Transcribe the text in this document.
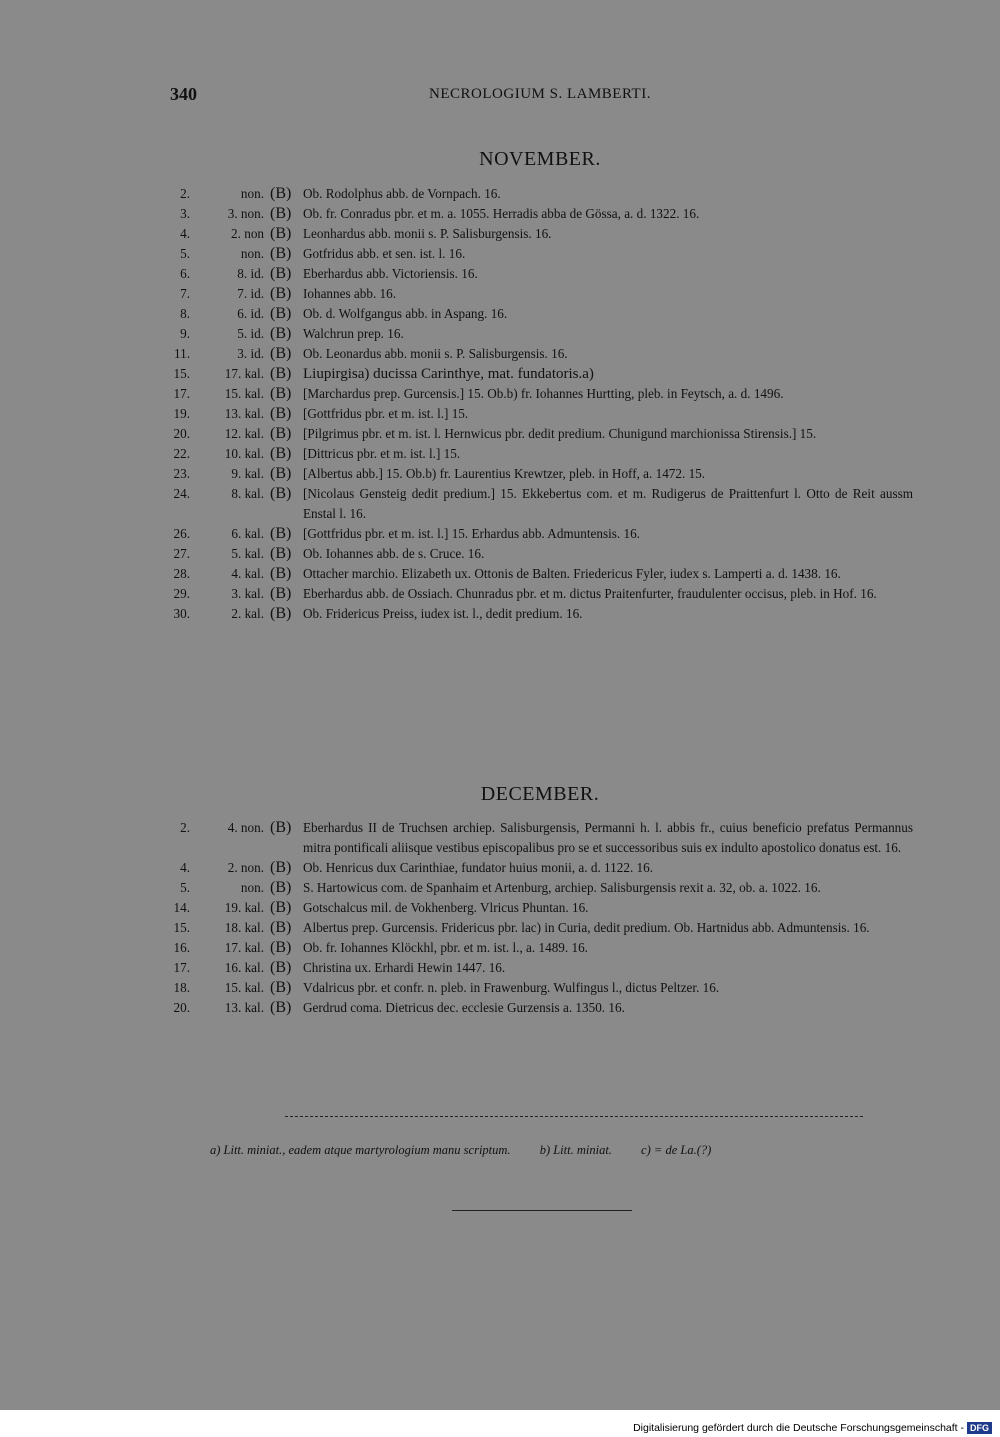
340	NECROLOGIUM S. LAMBERTI.
NOVEMBER.
2.	non. (B) Ob. Rodolphus abb. de Vornpach. 16.
3.	3. non. (B) Ob. fr. Conradus pbr. et m. a. 1055. Herradis abba de Gössa, a. d. 1322. 16.
4.	2. non (B) Leonhardus abb. monii s. P. Salisburgensis. 16.
5.	non. (B) Gotfridus abb. et sen. ist. l. 16.
6.	8. id. (B) Eberhardus abb. Victoriensis. 16.
7.	7. id. (B) Iohannes abb. 16.
8.	6. id. (B) Ob. d. Wolfgangus abb. in Aspang. 16.
9.	5. id. (B) Walchrun prep. 16.
11.	3. id. (B) Ob. Leonardus abb. monii s. P. Salisburgensis. 16.
15.	17. kal. (B) Liupirgisa) ducissa Carinthye, mat. fundatoris.a)
17.	15. kal. (B) [Marchardus prep. Gurcensis.] 15. Ob.b) fr. Iohannes Hurtting, pleb. in Feytsch, a. d. 1496.
19.	13. kal. (B) [Gottfridus pbr. et m. ist. l.] 15.
20.	12. kal. (B) [Pilgrimus pbr. et m. ist. l. Hernwicus pbr. dedit predium. Chunigund marchionissa Stirensis.] 15.
22.	10. kal. (B) [Dittricus pbr. et m. ist. l.] 15.
23.	9. kal. (B) [Albertus abb.] 15. Ob.b) fr. Laurentius Krewtzer, pleb. in Hoff, a. 1472. 15.
24.	8. kal. (B) [Nicolaus Gensteig dedit predium.] 15. Ekkebertus com. et m. Rudigerus de Praittenfurt l. Otto de Reit aussm Enstal l. 16.
26.	6. kal. (B) [Gottfridus pbr. et m. ist. l.] 15. Erhardus abb. Admuntensis. 16.
27.	5. kal. (B) Ob. Iohannes abb. de s. Cruce. 16.
28.	4. kal. (B) Ottacher marchio. Elizabeth ux. Ottonis de Balten. Friedericus Fyler, iudex s. Lamperti a. d. 1438. 16.
29.	3. kal. (B) Eberhardus abb. de Ossiach. Chunradus pbr. et m. dictus Praitenfurter, fraudulenter occisus, pleb. in Hof. 16.
30.	2. kal. (B) Ob. Fridericus Preiss, iudex ist. l., dedit predium. 16.
DECEMBER.
2.	4. non. (B) Eberhardus II de Truchsen archiep. Salisburgensis, Permanni h. l. abbis fr., cuius beneficio prefatus Permannus mitra pontificali aliisque vestibus episcopalibus pro se et successoribus suis ex indulto apostolico donatus est. 16.
4.	2. non. (B) Ob. Henricus dux Carinthiae, fundator huius monii, a. d. 1122. 16.
5.	non. (B) S. Hartowicus com. de Spanhaim et Artenburg, archiep. Salisburgensis rexit a. 32, ob. a. 1022. 16.
14.	19. kal. (B) Gotschalcus mil. de Vokhenberg. Vlricus Phuntan. 16.
15.	18. kal. (B) Albertus prep. Gurcensis. Fridericus pbr. lac) in Curia, dedit predium. Ob. Hartnidus abb. Admuntensis. 16.
16.	17. kal. (B) Ob. fr. Iohannes Klöckhl, pbr. et m. ist. l., a. 1489. 16.
17.	16. kal. (B) Christina ux. Erhardi Hewin 1447. 16.
18.	15. kal. (B) Vdalricus pbr. et confr. n. pleb. in Frawenburg. Wulfingus l., dictus Peltzer. 16.
20.	13. kal. (B) Gerdrud coma. Dietricus dec. ecclesie Gurzensis a. 1350. 16.
a) Litt. miniat., eadem atque martyrologium manu scriptum. b) Litt. miniat. c) = de La.(?)
Digitalisierung gefördert durch die Deutsche Forschungsgemeinschaft - DFG
